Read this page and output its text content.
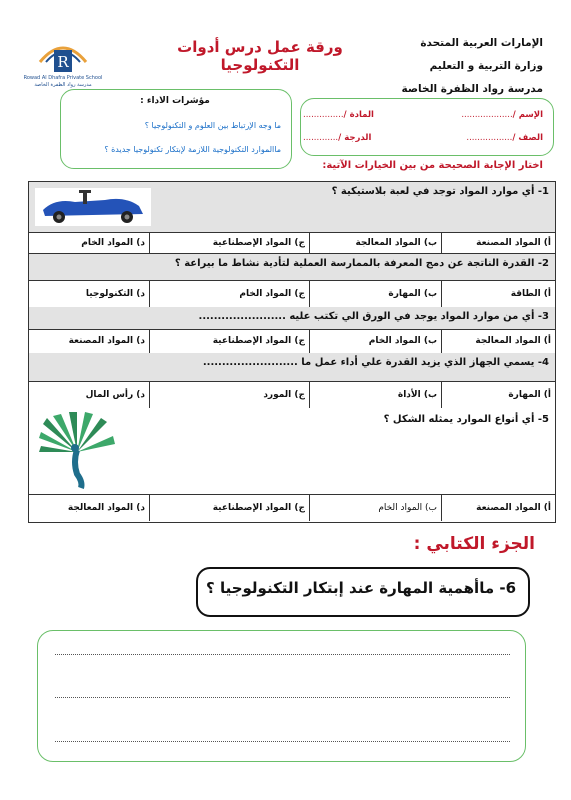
الإمارات العربية المتحدة
وزارة التربية و التعليم
مدرسة رواد الظفرة الخاصة
ورقة عمل درس أدوات التكنولوجيا
R
Rowad Al Dhafra Private School
مدرسة رواد الظفرة الخاصة
مؤشرات الاداء :
ما وجه الإرتباط بين العلوم و التكنولوجيا ؟
ماالموارد التكنولوجية اللازمة لإبتكار تكنولوجيا جديدة ؟
الإسم /...................
المادة /...............
الصف /.................
الدرجة /.............
اختار الإجابة الصحيحة من بين الخيارات الآتية:
1- أي موارد المواد توجد في لعبة بلاستيكية ؟
أ) المواد المصنعة
ب) المواد المعالجة
ج) المواد الإصطناعية
د) المواد الخام
2- القدرة الناتجة عن دمج المعرفة بالممارسة العملية لتأدية نشاط ما بيراعة ؟
أ) الطاقة
ب) المهارة
ج) المواد الخام
د) التكنولوجيا
3- أي من موارد المواد يوجد في الورق الي تكتب عليه .......................
أ) المواد المعالجة
ب) المواد الخام
ج) المواد الإصطناعية
د) المواد المصنعة
4- يسمي الجهاز الذي يزيد القدرة علي أداء عمل ما .........................
أ) المهارة
ب) الأداة
ج) المورد
د) رأس المال
5- أي أنواع الموارد يمثله الشكل ؟
أ) المواد المصنعة
ب) المواد الخام
ج) المواد الإصطناعية
د) المواد المعالجة
الجزء الكتابي :
6- ماأهمية المهارة عند إبتكار التكنولوجيا ؟
